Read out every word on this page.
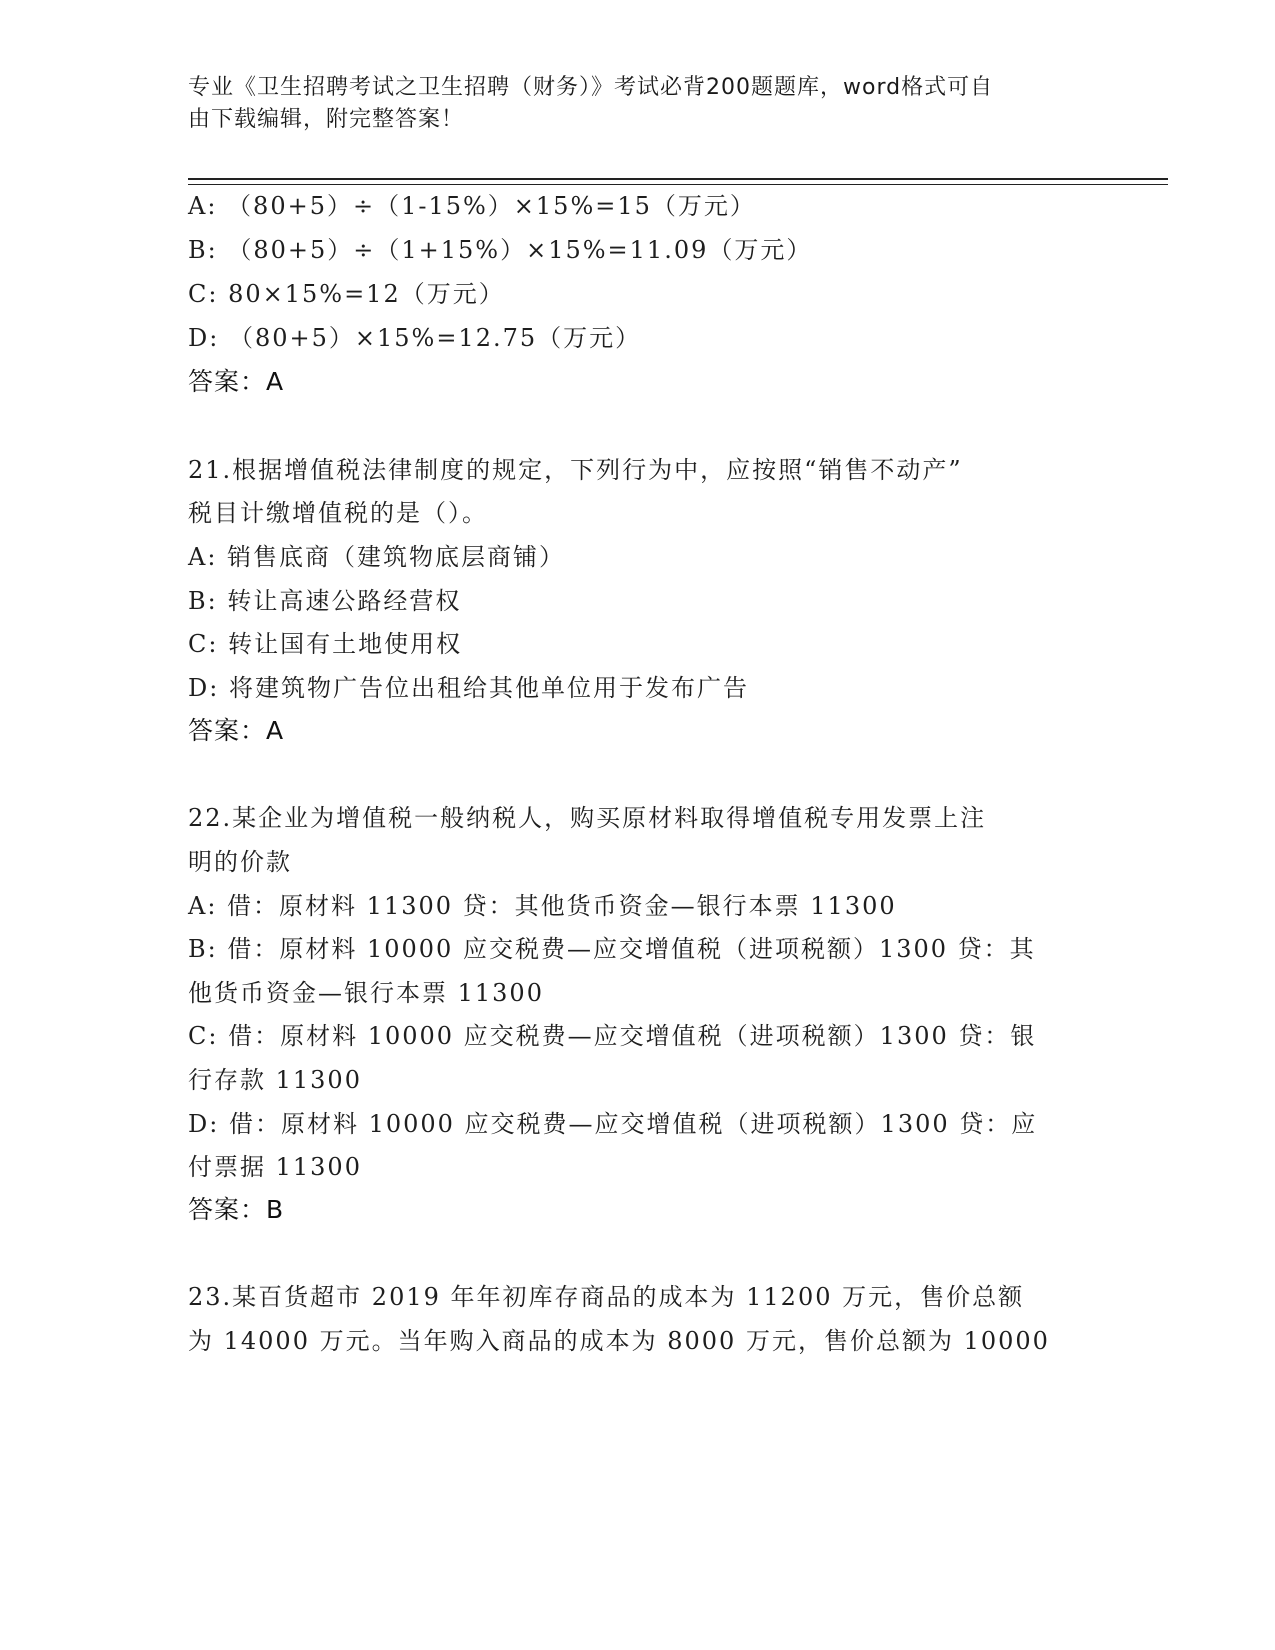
专业《卫生招聘考试之卫生招聘（财务）》考试必背200题题库，word格式可自
由下载编辑，附完整答案！
A: （80+5）÷（1-15%）×15%=15（万元）
B: （80+5）÷（1+15%）×15%=11.09（万元）
C: 80×15%=12（万元）
D: （80+5）×15%=12.75（万元）
答案：A
21.根据增值税法律制度的规定，下列行为中，应按照“销售不动产”
税目计缴增值税的是（）。
A: 销售底商（建筑物底层商铺）
B: 转让高速公路经营权
C: 转让国有土地使用权
D: 将建筑物广告位出租给其他单位用于发布广告
答案：A
22.某企业为增值税一般纳税人，购买原材料取得增值税专用发票上注
明的价款
A: 借：原材料 11300 贷：其他货币资金—银行本票 11300
B: 借：原材料 10000 应交税费—应交增值税（进项税额）1300 贷：其
他货币资金—银行本票 11300
C: 借：原材料 10000 应交税费—应交增值税（进项税额）1300 贷：银
行存款 11300
D: 借：原材料 10000 应交税费—应交增值税（进项税额）1300 贷：应
付票据 11300
答案：B
23.某百货超市 2019 年年初库存商品的成本为 11200 万元，售价总额
为 14000 万元。当年购入商品的成本为 8000 万元，售价总额为 10000
